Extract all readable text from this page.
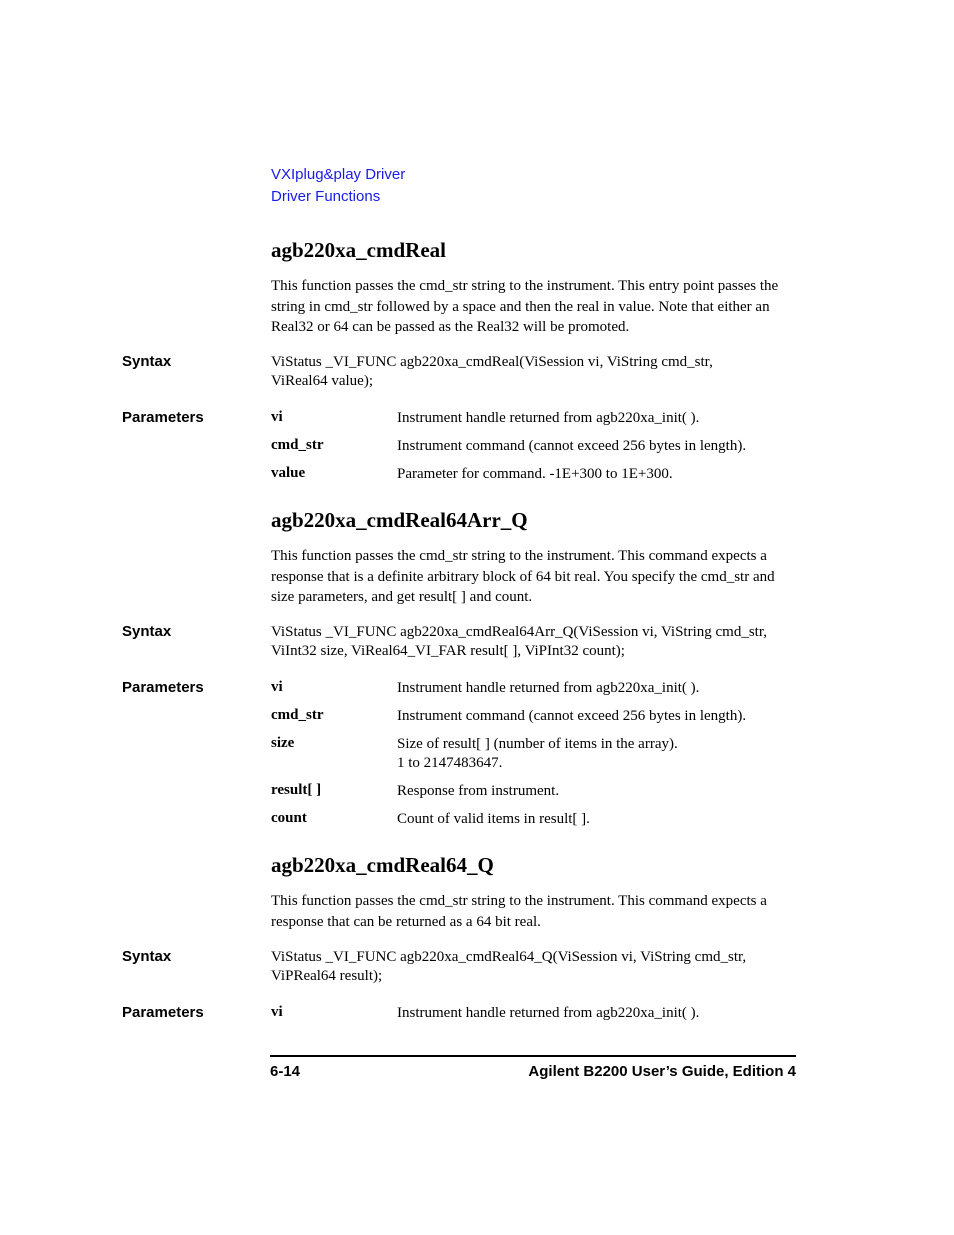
VXIplug&play Driver
Driver Functions
agb220xa_cmdReal

This function passes the cmd_str string to the instrument. This entry point passes the string in cmd_str followed by a space and then the real in value. Note that either an Real32 or 64 can be passed as the Real32 will be promoted.

Syntax	ViStatus _VI_FUNC agb220xa_cmdReal(ViSession vi, ViString cmd_str,
ViReal64 value);
Parameters	vi	Instrument handle returned from agb220xa_init( ).
cmd_str	Instrument command (cannot exceed 256 bytes in length).
value	Parameter for command. -1E+300 to 1E+300.
agb220xa_cmdReal64Arr_Q

This function passes the cmd_str string to the instrument. This command expects a response that is a definite arbitrary block of 64 bit real. You specify the cmd_str and size parameters, and get result[ ] and count.

Syntax	ViStatus _VI_FUNC agb220xa_cmdReal64Arr_Q(ViSession vi, ViString cmd_str,
ViInt32 size, ViReal64_VI_FAR result[ ], ViPInt32 count);
Parameters	vi	Instrument handle returned from agb220xa_init( ).
cmd_str	Instrument command (cannot exceed 256 bytes in length).
size	Size of result[ ] (number of items in the array).
1 to 2147483647.
result[ ]	Response from instrument.
count	Count of valid items in result[ ].
agb220xa_cmdReal64_Q

This function passes the cmd_str string to the instrument. This command expects a response that can be returned as a 64 bit real.

Syntax	ViStatus _VI_FUNC agb220xa_cmdReal64_Q(ViSession vi, ViString cmd_str,
ViPReal64 result);
Parameters	vi	Instrument handle returned from agb220xa_init( ).
6-14	Agilent B2200 User’s Guide, Edition 4
